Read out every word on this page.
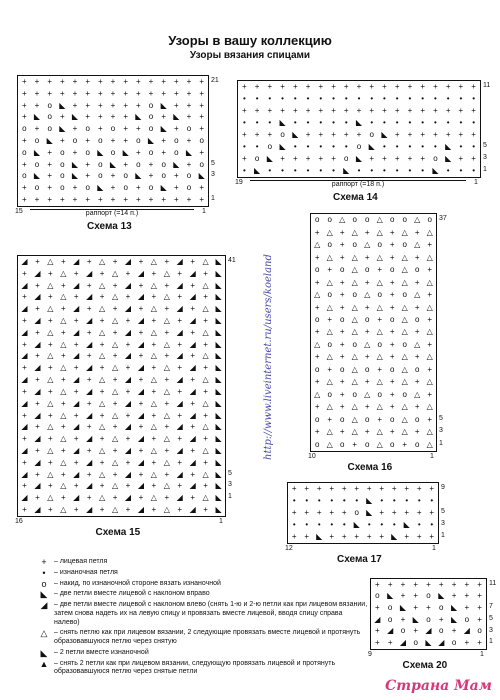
Узоры в вашу коллекцию
Узоры вязания спицами
http://www.liveinternet.ru/users/koeland
+	– лицевая петля
•	– изнаночная петля
o	– накид, по изнаночной стороне вязать изнаночной
◣ – две петли вместе лицевой с наклоном вправо
◢ – две петли вместе лицевой с наклоном влево (снять 1-ю и 2-ю петли как при лицевом вязании, затем снова надеть их на левую спицу и провязать вместе лицевой, вводя спицу справа налево)
△ – снять петлю как при лицевом вязании, 2 следующие провязать вместе лицевой и протянуть образовавшуюся петлю через снятую
◣ – 2 петли вместе изнаночной
▲ – снять 2 петли как при лицевом вязании, следующую провязать лицевой и протянуть образовавшуюся петлю через снятые петли
Страна Мам
+	+	+ +	+	+ +	+	+ +	+	+ +	+	+
+	+	+ +	+	+ +	+	+ +	+	+ +	+	+
+	+	o ◣ +	+ +	+	+ +	o ◣ +	+	+
+ ◣ o	+ ◣ + +	+	+ ◣ o	+ ◣ +	+
o	+	o ◣ +	o	+	o	+ +	o ◣ +	o	+
+	o ◣ +	o	+	o	+	+	o ◣ +	o	+	o
o ◣ +	o	+	o ◣ o ◣ +	o	+	o ◣ +
+	o	+	o ◣ +	o ◣ +	o	+	o ◣ +	o
o ◣ +	o ◣ +	o	+	o ◣ +	o	+	o ◣
+	o	+	o	+	o ◣ +	o	+	o ◣ +	o	+
+	+	+ +	+	+ +	+	+ +	+	+ +	+	+
21
5
3
1
15	1
раппорт (=14 п.)
Схема 13
+	+	+	+	+	+	+	+	+	+	+	+	+	+	+	+	+	+	+
•	•	•	•	•	•	•	•	•	•	•	•	•	•	•	•	•	•	•
+	+	+	+	+	+	+	+	+	+	+	+	+	+	+	+	+	+	+
•	•	•	◣	•	•	•	•	•	◣	•	•	•	•	•	•	•	•	•
+	+	+	o ◣ +	+	+	+	+	o ◣ +	+	+	+	+	+	+
•	•	o ◣	•	•	•	•	•	o ◣	•	•	•	•	•	◣	•	•
+	o ◣ +	+	+	+	+	o ◣ +	+	+	+	+	o ◣ +	+
•	◣	•	•	•	•	•	•	◣	•	•	•	•	•	•	◣	•	•	•
11
5
3
1
19	1
раппорт (=18 п.)
Схема 14
◢ + △ + ◢ + △ + ◢ + △ + ◢ + △ ◣
+ ◢ + △ + ◢ + △ + ◢ + △ + ◢ + ◣
◢ + △ + ◢ + △ + ◢ + △ + ◢ + △ ◣
+ ◢ + △ + ◢ + △ + ◢ + △ + ◢ + ◣
◢ + △ + ◢ + △ + ◢ + △ + ◢ + △ ◣
+ ◢ + △ + ◢ + △ + ◢ + △ + ◢ + ◣
◢ + △ + ◢ + △ + ◢ + △ + ◢ + △ ◣
+ ◢ + △ + ◢ + △ + ◢ + △ + ◢ + ◣
◢ + △ + ◢ + △ + ◢ + △ + ◢ + △ ◣
+ ◢ + △ + ◢ + △ + ◢ + △ + ◢ + ◣
◢ + △ + ◢ + △ + ◢ + △ + ◢ + △ ◣
+ ◢ + △ + ◢ + △ + ◢ + △ + ◢ + ◣
◢ + △ + ◢ + △ + ◢ + △ + ◢ + △ ◣
+ ◢ + △ + ◢ + △ + ◢ + △ + ◢ + ◣
◢ + △ + ◢ + △ + ◢ + △ + ◢ + △ ◣
+ ◢ + △ + ◢ + △ + ◢ + △ + ◢ + ◣
◢ + △ + ◢ + △ + ◢ + △ + ◢ + △ ◣
+ ◢ + △ + ◢ + △ + ◢ + △ + ◢ + ◣
◢ + △ + ◢ + △ + ◢ + △ + ◢ + △ ◣
+ ◢ + △ + ◢ + △ + ◢ + △ + ◢ + ◣
◢ + △ + ◢ + △ + ◢ + △ + ◢ + △ ◣
+ ◢ + △ + ◢ + △ + ◢ + △ + ◢ + ◣
41
5
3
1
16	1
Схема 15
o	o △ o	o △ o	o △ o
+ △ + △ + △ + △ + △
△ o + o △ o + o △ +
+ △ + △ + △ + △ + △
o + o △ o + o △ o +
+ △ + △ + △ + △ + △
△ o + o △ o + o △ +
+ △ + △ + △ + △ + △
o + o △ o + o △ o +
+ △ + △ + △ + △ + △
△ o + o △ o + o △ +
+ △ + △ + △ + △ + △
o + o △ o + o △ o +
+ △ + △ + △ + △ + △
△ o + o △ o + o △ +
+ △ + △ + △ + △ + △
o + o △ o + o △ o +
+ △ + △ + △ + △ + △
o △ o + o △ o + o △
37
5
3
1
10	1
Схема 16
+ + + + + + + + + + + +
•	•	•	•	•	•	◣	•	•	•	•	•
+ + + + + o ◣ + + + + +
•	•	•	•	•	◣	•	•	•	◣	•	•
+ + ◣ + + + + + ◣ + + +
9
5
3
1
12	1
Схема 17
+	+	+	+	+	+	+	+	+
o ◣ +	+	o ◣ +	+	+
+	o ◣ +	+	o ◣ +	+
◢ o	+ ◣ o	+ ◣ o	+
+ ◢ o	+ ◢ o	+ ◢ o
+	+ ◢ o ◣ ◢ o	+	+
11
7
5
3
1
9	1
Схема 20
